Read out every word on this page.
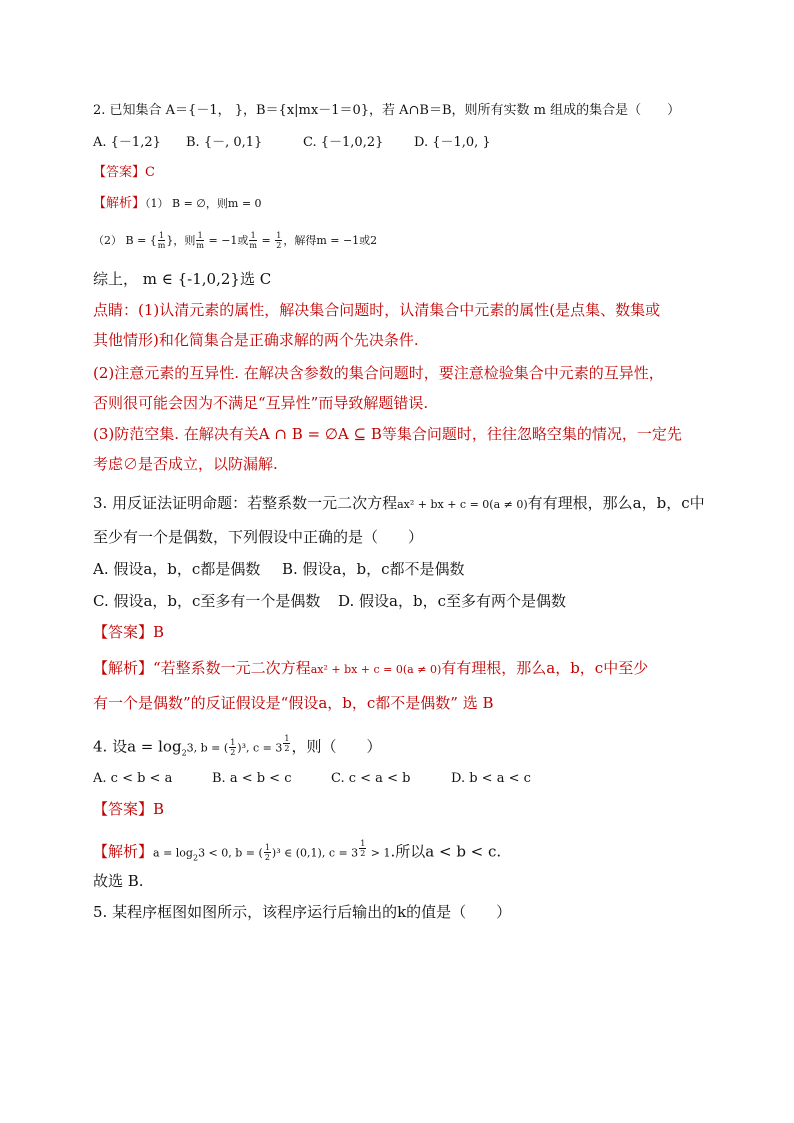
2. 已知集合 A＝{－1， }，B＝{x|mx－1＝0}，若 A∩B＝B，则所有实数 m 组成的集合是（　　）
A. {－1,2} B. {－, 0,1}	C. {－1,0,2} D. {－1,0, }
【答案】C
【解析】（1） B = ∅，则m = 0
（2） B = { $\frac{1}{m}$ }，则 $\frac{1}{m} = -1$或 $\frac{1}{m} = \frac{1}{2}$ ，解得m = −1或2
综上， m ∈ {-1,0,2}选 C
点睛：(1)认清元素的属性，解决集合问题时，认清集合中元素的属性(是点集、数集或
其他情形)和化简集合是正确求解的两个先决条件.
(2)注意元素的互异性. 在解决含参数的集合问题时，要注意检验集合中元素的互异性，
否则很可能会因为不满足“互异性”而导致解题错误.
(3)防范空集. 在解决有关A ∩ B = ∅A ⊆ B等集合问题时，往往忽略空集的情况，一定先
考虑∅是否成立，以防漏解.
3. 用反证法证明命题：若整系数一元二次方程ax² + bx + c = 0(a ≠ 0)有有理根，那么a，b，c中
至少有一个是偶数，下列假设中正确的是（　　）
A. 假设a，b，c都是偶数 B. 假设a，b，c都不是偶数
C. 假设a，b，c至多有一个是偶数 D. 假设a，b，c至多有两个是偶数
【答案】B
【解析】“若整系数一元二次方程ax² + bx + c = 0(a ≠ 0)有有理根，那么a，b，c中至少
有一个是偶数”的反证假设是“假设a，b，c都不是偶数” 选 B
4. 设$a = \log_23$, b = ( $\frac{1}{2} )^3$, c = 3 $^{\frac{1}{2}}$ ，则（　　）
A. c < b < a	B. a < b < c	C. c < a < b	D. b < a < c
【答案】B
【解析】$a = \log_23 < 0$, b = ( $\frac{1}{2} )^3$ ∈ (0,1), c = 3 $^{\frac{1}{2}}$ > 1.所以a < b < c.
故选 B.
5. 某程序框图如图所示，该程序运行后输出的k的值是（　　）
